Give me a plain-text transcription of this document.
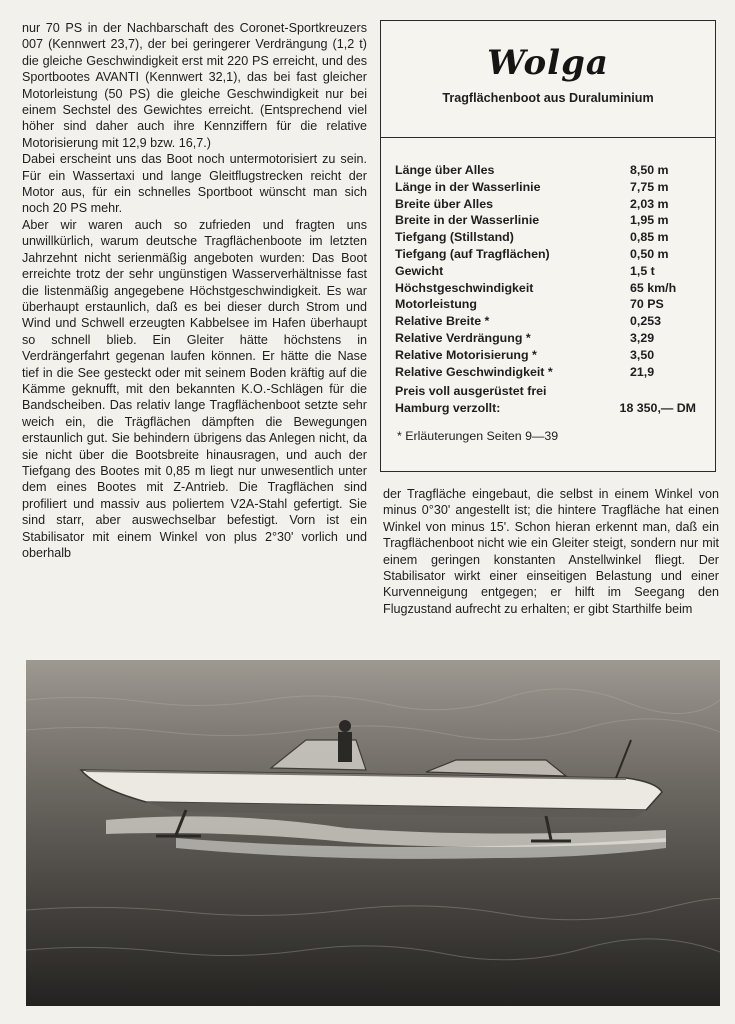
nur 70 PS in der Nachbarschaft des Coronet-Sportkreuzers 007 (Kennwert 23,7), der bei geringerer Verdrängung (1,2 t) die gleiche Geschwindigkeit erst mit 220 PS erreicht, und des Sportbootes AVANTI (Kennwert 32,1), das bei fast gleicher Motorleistung (50 PS) die gleiche Geschwindigkeit nur bei einem Sechstel des Gewichtes erreicht. (Entsprechend viel höher sind daher auch ihre Kennziffern für die relative Motorisierung mit 12,9 bzw. 16,7.)

Dabei erscheint uns das Boot noch untermotorisiert zu sein. Für ein Wassertaxi und lange Gleitflugstrecken reicht der Motor aus, für ein schnelles Sportboot wünscht man sich noch 20 PS mehr.

Aber wir waren auch so zufrieden und fragten uns unwillkürlich, warum deutsche Tragflächenboote im letzten Jahrzehnt nicht serienmäßig angeboten wurden: Das Boot erreichte trotz der sehr ungünstigen Wasserverhältnisse fast die listenmäßig angegebene Höchstgeschwindigkeit. Es war überhaupt erstaunlich, daß es bei dieser durch Strom und Wind und Schwell erzeugten Kabbelsee im Hafen überhaupt so schnell blieb. Ein Gleiter hätte höchstens in Verdrängerfahrt gegenan laufen können. Er hätte die Nase tief in die See gesteckt oder mit seinem Boden kräftig auf die Kämme geknufft, mit den bekannten K.O.-Schlägen für die Bandscheiben. Das relativ lange Tragflächenboot setzte sehr weich ein, die Trägflächen dämpften die Bewegungen erstaunlich gut. Sie behindern übrigens das Anlegen nicht, da sie nicht über die Bootsbreite hinausragen, und auch der Tiefgang des Bootes mit 0,85 m liegt nur unwesentlich unter dem eines Bootes mit Z-Antrieb. Die Tragflächen sind profiliert und massiv aus poliertem V2A-Stahl gefertigt. Sie sind starr, aber auswechselbar befestigt. Vorn ist ein Stabilisator mit einem Winkel von plus 2°30' vorlich und oberhalb

Wolga
Tragflächenboot aus Duraluminium
Länge über Alles	8,50 m
Länge in der Wasserlinie	7,75 m
Breite über Alles	2,03 m
Breite in der Wasserlinie	1,95 m
Tiefgang (Stillstand)	0,85 m
Tiefgang (auf Tragflächen)	0,50 m
Gewicht	1,5 t
Höchstgeschwindigkeit	65 km/h
Motorleistung	70 PS
Relative Breite *	0,253
Relative Verdrängung *	3,29
Relative Motorisierung *	3,50
Relative Geschwindigkeit *	21,9
Preis voll ausgerüstet frei
Hamburg verzollt:	18 350,— DM
* Erläuterungen Seiten 9—39

der Tragfläche eingebaut, die selbst in einem Winkel von minus 0°30' angestellt ist; die hintere Tragfläche hat einen Winkel von minus 15'. Schon hieran erkennt man, daß ein Tragflächenboot nicht wie ein Gleiter steigt, sondern nur mit einem geringen konstanten Anstellwinkel fliegt. Der Stabilisator wirkt einer einseitigen Belastung und einer Kurvenneigung entgegen; er hilft im Seegang den Flugzustand aufrecht zu erhalten; er gibt Starthilfe beim
